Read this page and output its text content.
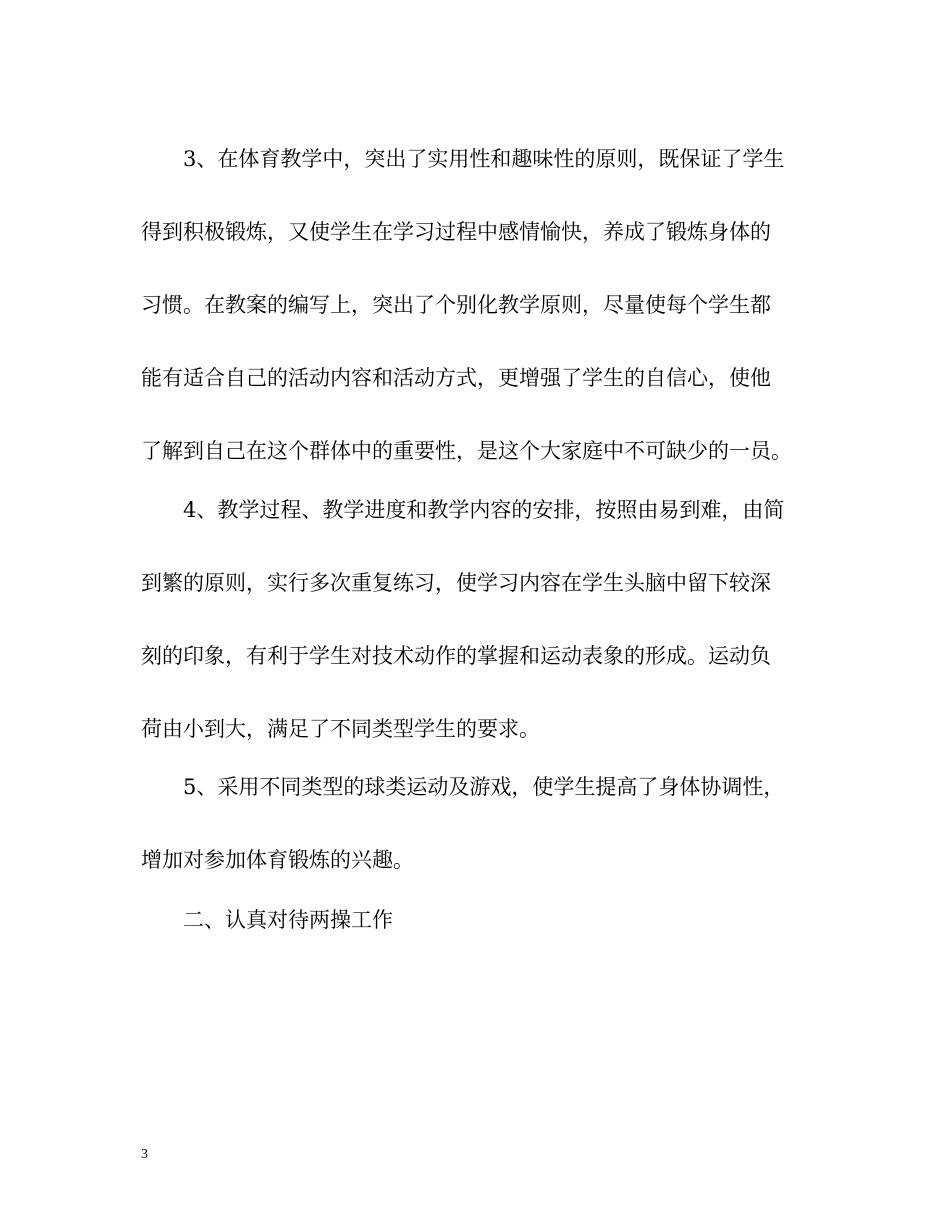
3、在体育教学中，突出了实用性和趣味性的原则，既保证了学生

得到积极锻炼，又使学生在学习过程中感情愉快，养成了锻炼身体的

习惯。在教案的编写上，突出了个别化教学原则，尽量使每个学生都

能有适合自己的活动内容和活动方式，更增强了学生的自信心，使他

了解到自己在这个群体中的重要性，是这个大家庭中不可缺少的一员。

4、教学过程、教学进度和教学内容的安排，按照由易到难，由简

到繁的原则，实行多次重复练习，使学习内容在学生头脑中留下较深

刻的印象，有利于学生对技术动作的掌握和运动表象的形成。运动负

荷由小到大，满足了不同类型学生的要求。

5、采用不同类型的球类运动及游戏，使学生提高了身体协调性，

增加对参加体育锻炼的兴趣。

二、认真对待两操工作

3
